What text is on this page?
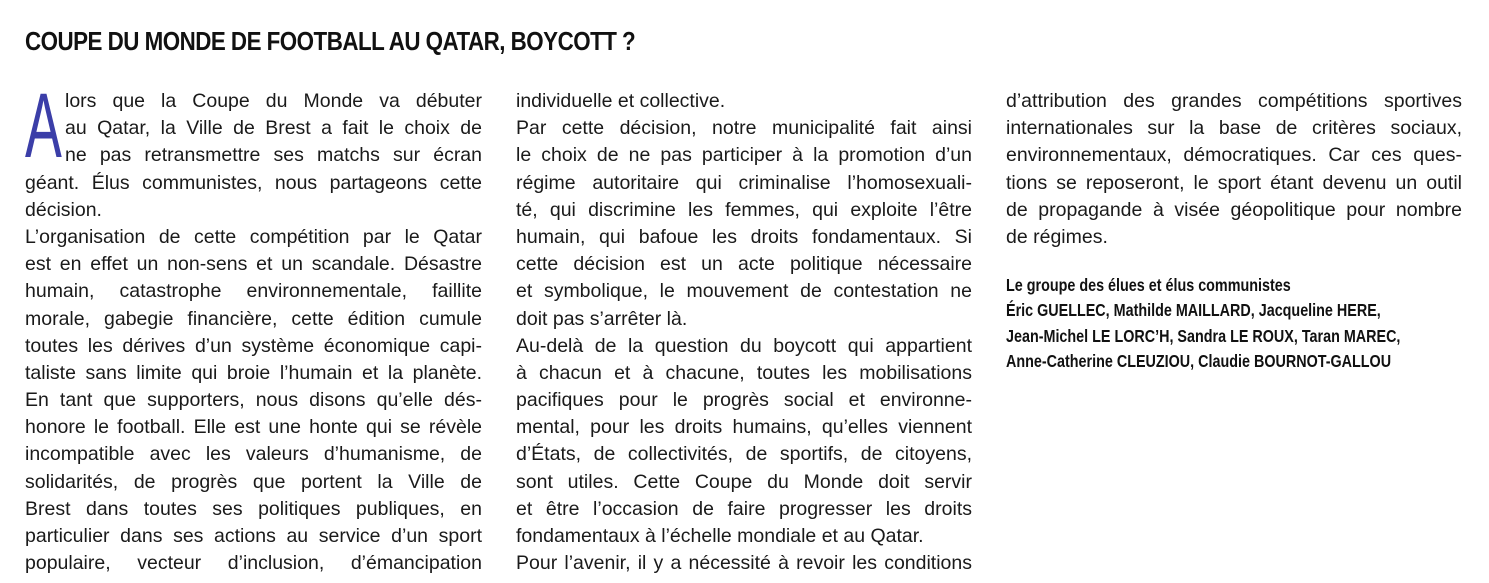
COUPE DU MONDE DE FOOTBALL AU QATAR, BOYCOTT ?
A lors que la Coupe du Monde va débuter
au Qatar, la Ville de Brest a fait le choix de
ne pas retransmettre ses matchs sur écran
géant. Élus communistes, nous partageons cette
décision.
L’organisation de cette compétition par le Qatar
est en effet un non-sens et un scandale. Désastre
humain, catastrophe environnementale, faillite
morale, gabegie financière, cette édition cumule
toutes les dérives d’un système économique capi-
taliste sans limite qui broie l’humain et la planète.
En tant que supporters, nous disons qu’elle dés-
honore le football. Elle est une honte qui se révèle
incompatible avec les valeurs d’humanisme, de
solidarités, de progrès que portent la Ville de
Brest dans toutes ses politiques publiques, en
particulier dans ses actions au service d’un sport
populaire, vecteur d’inclusion, d’émancipation
individuelle et collective.
Par cette décision, notre municipalité fait ainsi
le choix de ne pas participer à la promotion d’un
régime autoritaire qui criminalise l’homosexuali-
té, qui discrimine les femmes, qui exploite l’être
humain, qui bafoue les droits fondamentaux. Si
cette décision est un acte politique nécessaire
et symbolique, le mouvement de contestation ne
doit pas s’arrêter là.
Au-delà de la question du boycott qui appartient
à chacun et à chacune, toutes les mobilisations
pacifiques pour le progrès social et environne-
mental, pour les droits humains, qu’elles viennent
d’États, de collectivités, de sportifs, de citoyens,
sont utiles. Cette Coupe du Monde doit servir
et être l’occasion de faire progresser les droits
fondamentaux à l’échelle mondiale et au Qatar.
Pour l’avenir, il y a nécessité à revoir les conditions
d’attribution des grandes compétitions sportives
internationales sur la base de critères sociaux,
environnementaux, démocratiques. Car ces ques-
tions se reposeront, le sport étant devenu un outil
de propagande à visée géopolitique pour nombre
de régimes.
Le groupe des élues et élus communistes
Éric GUELLEC, Mathilde MAILLARD, Jacqueline HERE,
Jean-Michel LE LORC’H, Sandra LE ROUX, Taran MAREC,
Anne-Catherine CLEUZIOU, Claudie BOURNOT-GALLOU
